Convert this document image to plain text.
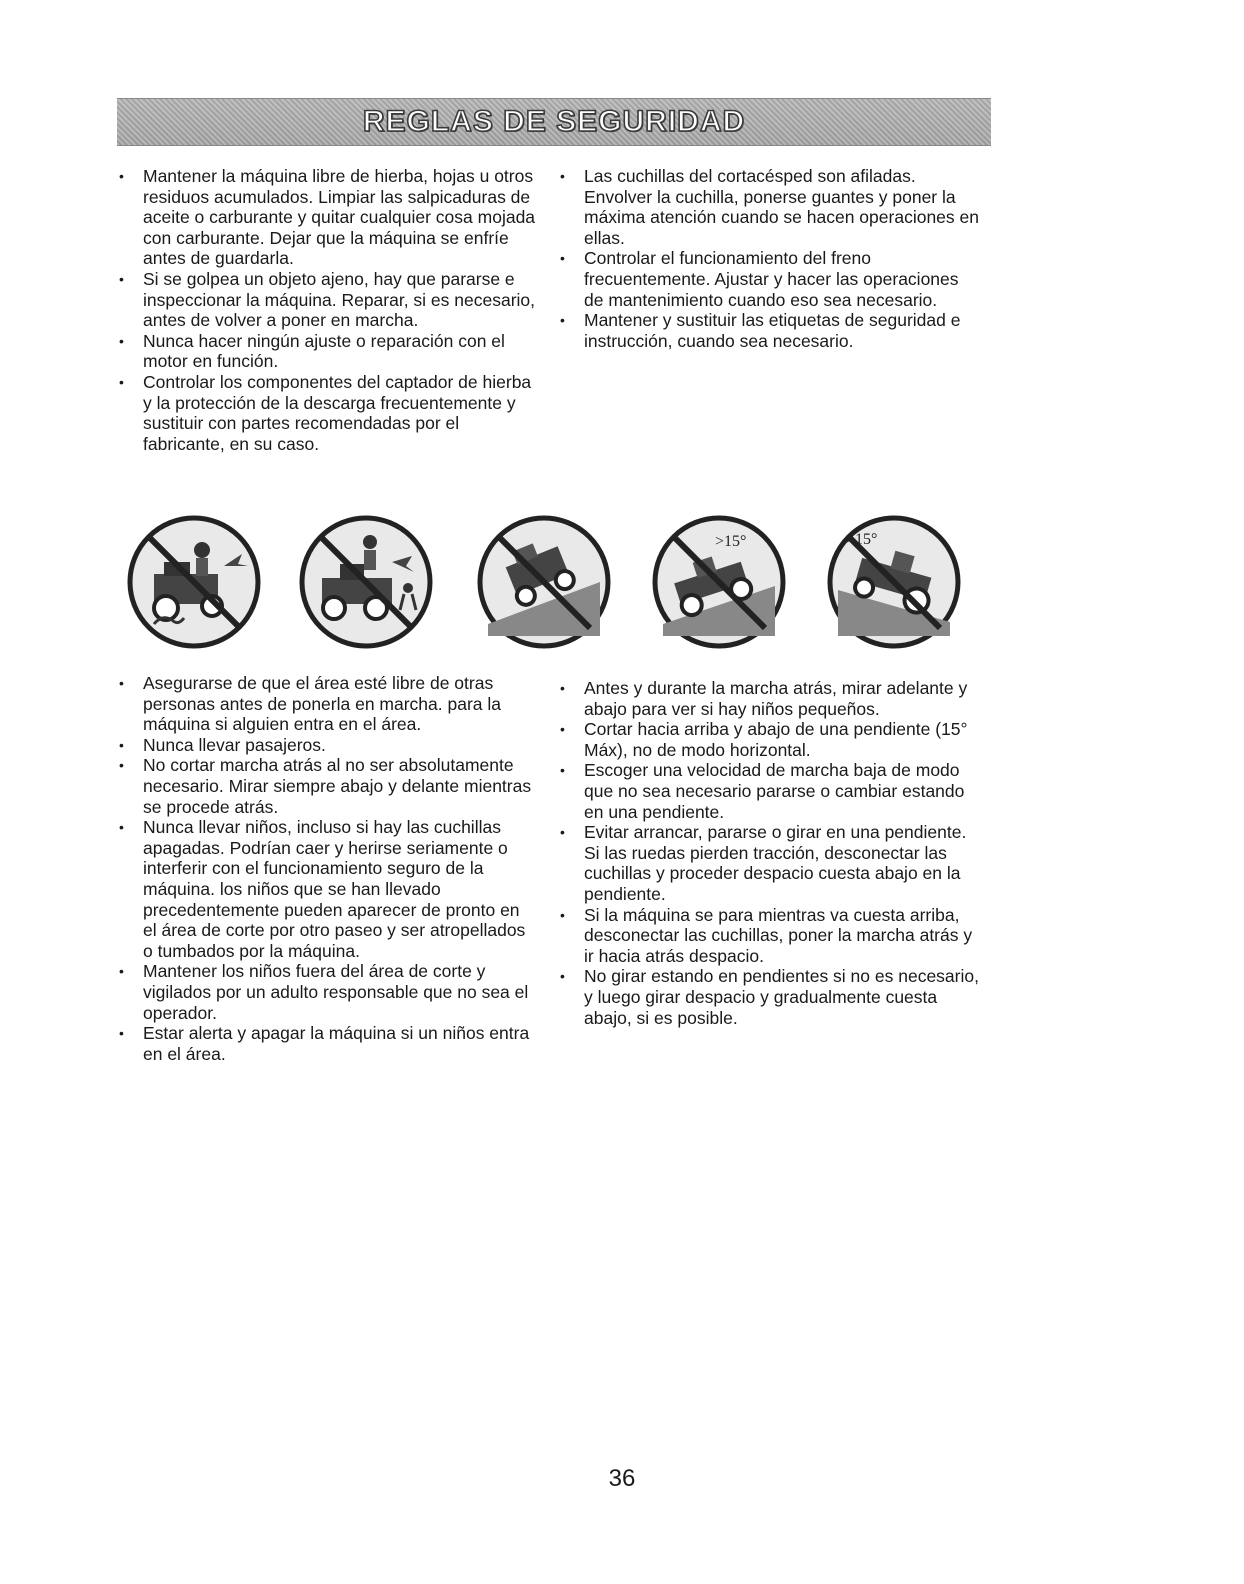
REGLAS DE SEGURIDAD
• Mantener la máquina libre de hierba, hojas u otros residuos acumulados. Limpiar las salpicaduras de aceite o carburante y quitar cualquier cosa mojada con carburante. Dejar que la máquina se enfríe antes de guardarla.
• Si se golpea un objeto ajeno, hay que pararse e inspeccionar la máquina. Reparar, si es necesario, antes de volver a poner en marcha.
• Nunca hacer ningún ajuste o reparación con el motor en función.
• Controlar los componentes del captador de hierba y la protección de la descarga frecuentemente y sustituir con partes recomendadas por el fabricante, en su caso.
• Las cuchillas del cortacésped son afiladas. Envolver la cuchilla, ponerse guantes y poner la máxima atención cuando se hacen operaciones en ellas.
• Controlar el funcionamiento del freno frecuentemente. Ajustar y hacer las operaciones de mantenimiento cuando eso sea necesario.
• Mantener y sustituir las etiquetas de seguridad e instrucción, cuando sea necesario.
>15°	>15°
• Asegurarse de que el área esté libre de otras personas antes de ponerla en marcha. para la máquina si alguien entra en el área.
• Nunca llevar pasajeros.
• No cortar marcha atrás al no ser absolutamente necesario. Mirar siempre abajo y delante mientras se procede atrás.
• Nunca llevar niños, incluso si hay las cuchillas apagadas. Podrían caer y herirse seriamente o interferir con el funcionamiento seguro de la máquina. los niños que se han llevado precedentemente pueden aparecer de pronto en el área de corte por otro paseo y ser atropellados o tumbados por la máquina.
• Mantener los niños fuera del área de corte y vigilados por un adulto responsable que no sea el operador.
• Estar alerta y apagar la máquina si un niños entra en el área.
• Antes y durante la marcha atrás, mirar adelante y abajo para ver si hay niños pequeños.
• Cortar hacia arriba y abajo de una pendiente (15° Máx), no de modo horizontal.
• Escoger una velocidad de marcha baja de modo que no sea necesario pararse o cambiar estando en una pendiente.
• Evitar arrancar, pararse o girar en una pendiente. Si las ruedas pierden tracción, desconectar las cuchillas y proceder despacio cuesta abajo en la pendiente.
• Si la máquina se para mientras va cuesta arriba, desconectar las cuchillas, poner la marcha atrás y ir hacia atrás despacio.
• No girar estando en pendientes si no es necesario, y luego girar despacio y gradualmente cuesta abajo, si es posible.
36
